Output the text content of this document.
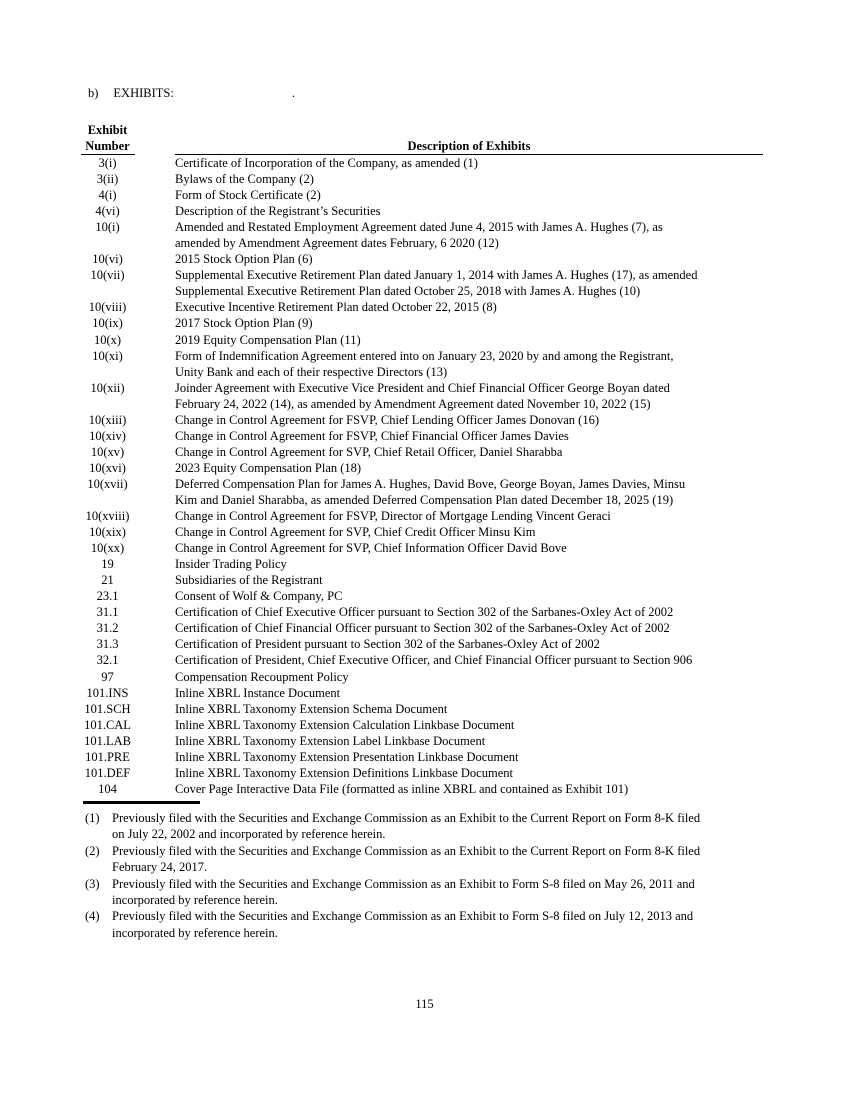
b) EXHIBITS:	.
Exhibit
Number	Description of Exhibits
3(i)	Certificate of Incorporation of the Company, as amended (1)
3(ii)	Bylaws of the Company (2)
4(i)	Form of Stock Certificate (2)
4(vi)	Description of the Registrant’s Securities
10(i)	Amended and Restated Employment Agreement dated June 4, 2015 with James A. Hughes (7), as
amended by Amendment Agreement dates February, 6 2020 (12)
10(vi)	2015 Stock Option Plan (6)
10(vii)	Supplemental Executive Retirement Plan dated January 1, 2014 with James A. Hughes (17), as amended
Supplemental Executive Retirement Plan dated October 25, 2018 with James A. Hughes (10)
10(viii)	Executive Incentive Retirement Plan dated October 22, 2015 (8)
10(ix)	2017 Stock Option Plan (9)
10(x)	2019 Equity Compensation Plan (11)
10(xi)	Form of Indemnification Agreement entered into on January 23, 2020 by and among the Registrant,
Unity Bank and each of their respective Directors (13)
10(xii)	Joinder Agreement with Executive Vice President and Chief Financial Officer George Boyan dated
February 24, 2022 (14), as amended by Amendment Agreement dated November 10, 2022 (15)
10(xiii)	Change in Control Agreement for FSVP, Chief Lending Officer James Donovan (16)
10(xiv)	Change in Control Agreement for FSVP, Chief Financial Officer James Davies
10(xv)	Change in Control Agreement for SVP, Chief Retail Officer, Daniel Sharabba
10(xvi)	2023 Equity Compensation Plan (18)
10(xvii)	Deferred Compensation Plan for James A. Hughes, David Bove, George Boyan, James Davies, Minsu
Kim and Daniel Sharabba, as amended Deferred Compensation Plan dated December 18, 2025 (19)
10(xviii)	Change in Control Agreement for FSVP, Director of Mortgage Lending Vincent Geraci
10(xix)	Change in Control Agreement for SVP, Chief Credit Officer Minsu Kim
10(xx)	Change in Control Agreement for SVP, Chief Information Officer David Bove
19	Insider Trading Policy
21	Subsidiaries of the Registrant
23.1	Consent of Wolf & Company, PC
31.1	Certification of Chief Executive Officer pursuant to Section 302 of the Sarbanes-Oxley Act of 2002
31.2	Certification of Chief Financial Officer pursuant to Section 302 of the Sarbanes-Oxley Act of 2002
31.3	Certification of President pursuant to Section 302 of the Sarbanes-Oxley Act of 2002
32.1	Certification of President, Chief Executive Officer, and Chief Financial Officer pursuant to Section 906
97	Compensation Recoupment Policy
101.INS	Inline XBRL Instance Document
101.SCH	Inline XBRL Taxonomy Extension Schema Document
101.CAL	Inline XBRL Taxonomy Extension Calculation Linkbase Document
101.LAB	Inline XBRL Taxonomy Extension Label Linkbase Document
101.PRE	Inline XBRL Taxonomy Extension Presentation Linkbase Document
101.DEF	Inline XBRL Taxonomy Extension Definitions Linkbase Document
104	Cover Page Interactive Data File (formatted as inline XBRL and contained as Exhibit 101)
(1) Previously filed with the Securities and Exchange Commission as an Exhibit to the Current Report on Form 8-K filed
on July 22, 2002 and incorporated by reference herein.
(2) Previously filed with the Securities and Exchange Commission as an Exhibit to the Current Report on Form 8-K filed
February 24, 2017.
(3) Previously filed with the Securities and Exchange Commission as an Exhibit to Form S-8 filed on May 26, 2011 and
incorporated by reference herein.
(4) Previously filed with the Securities and Exchange Commission as an Exhibit to Form S-8 filed on July 12, 2013 and
incorporated by reference herein.
115
